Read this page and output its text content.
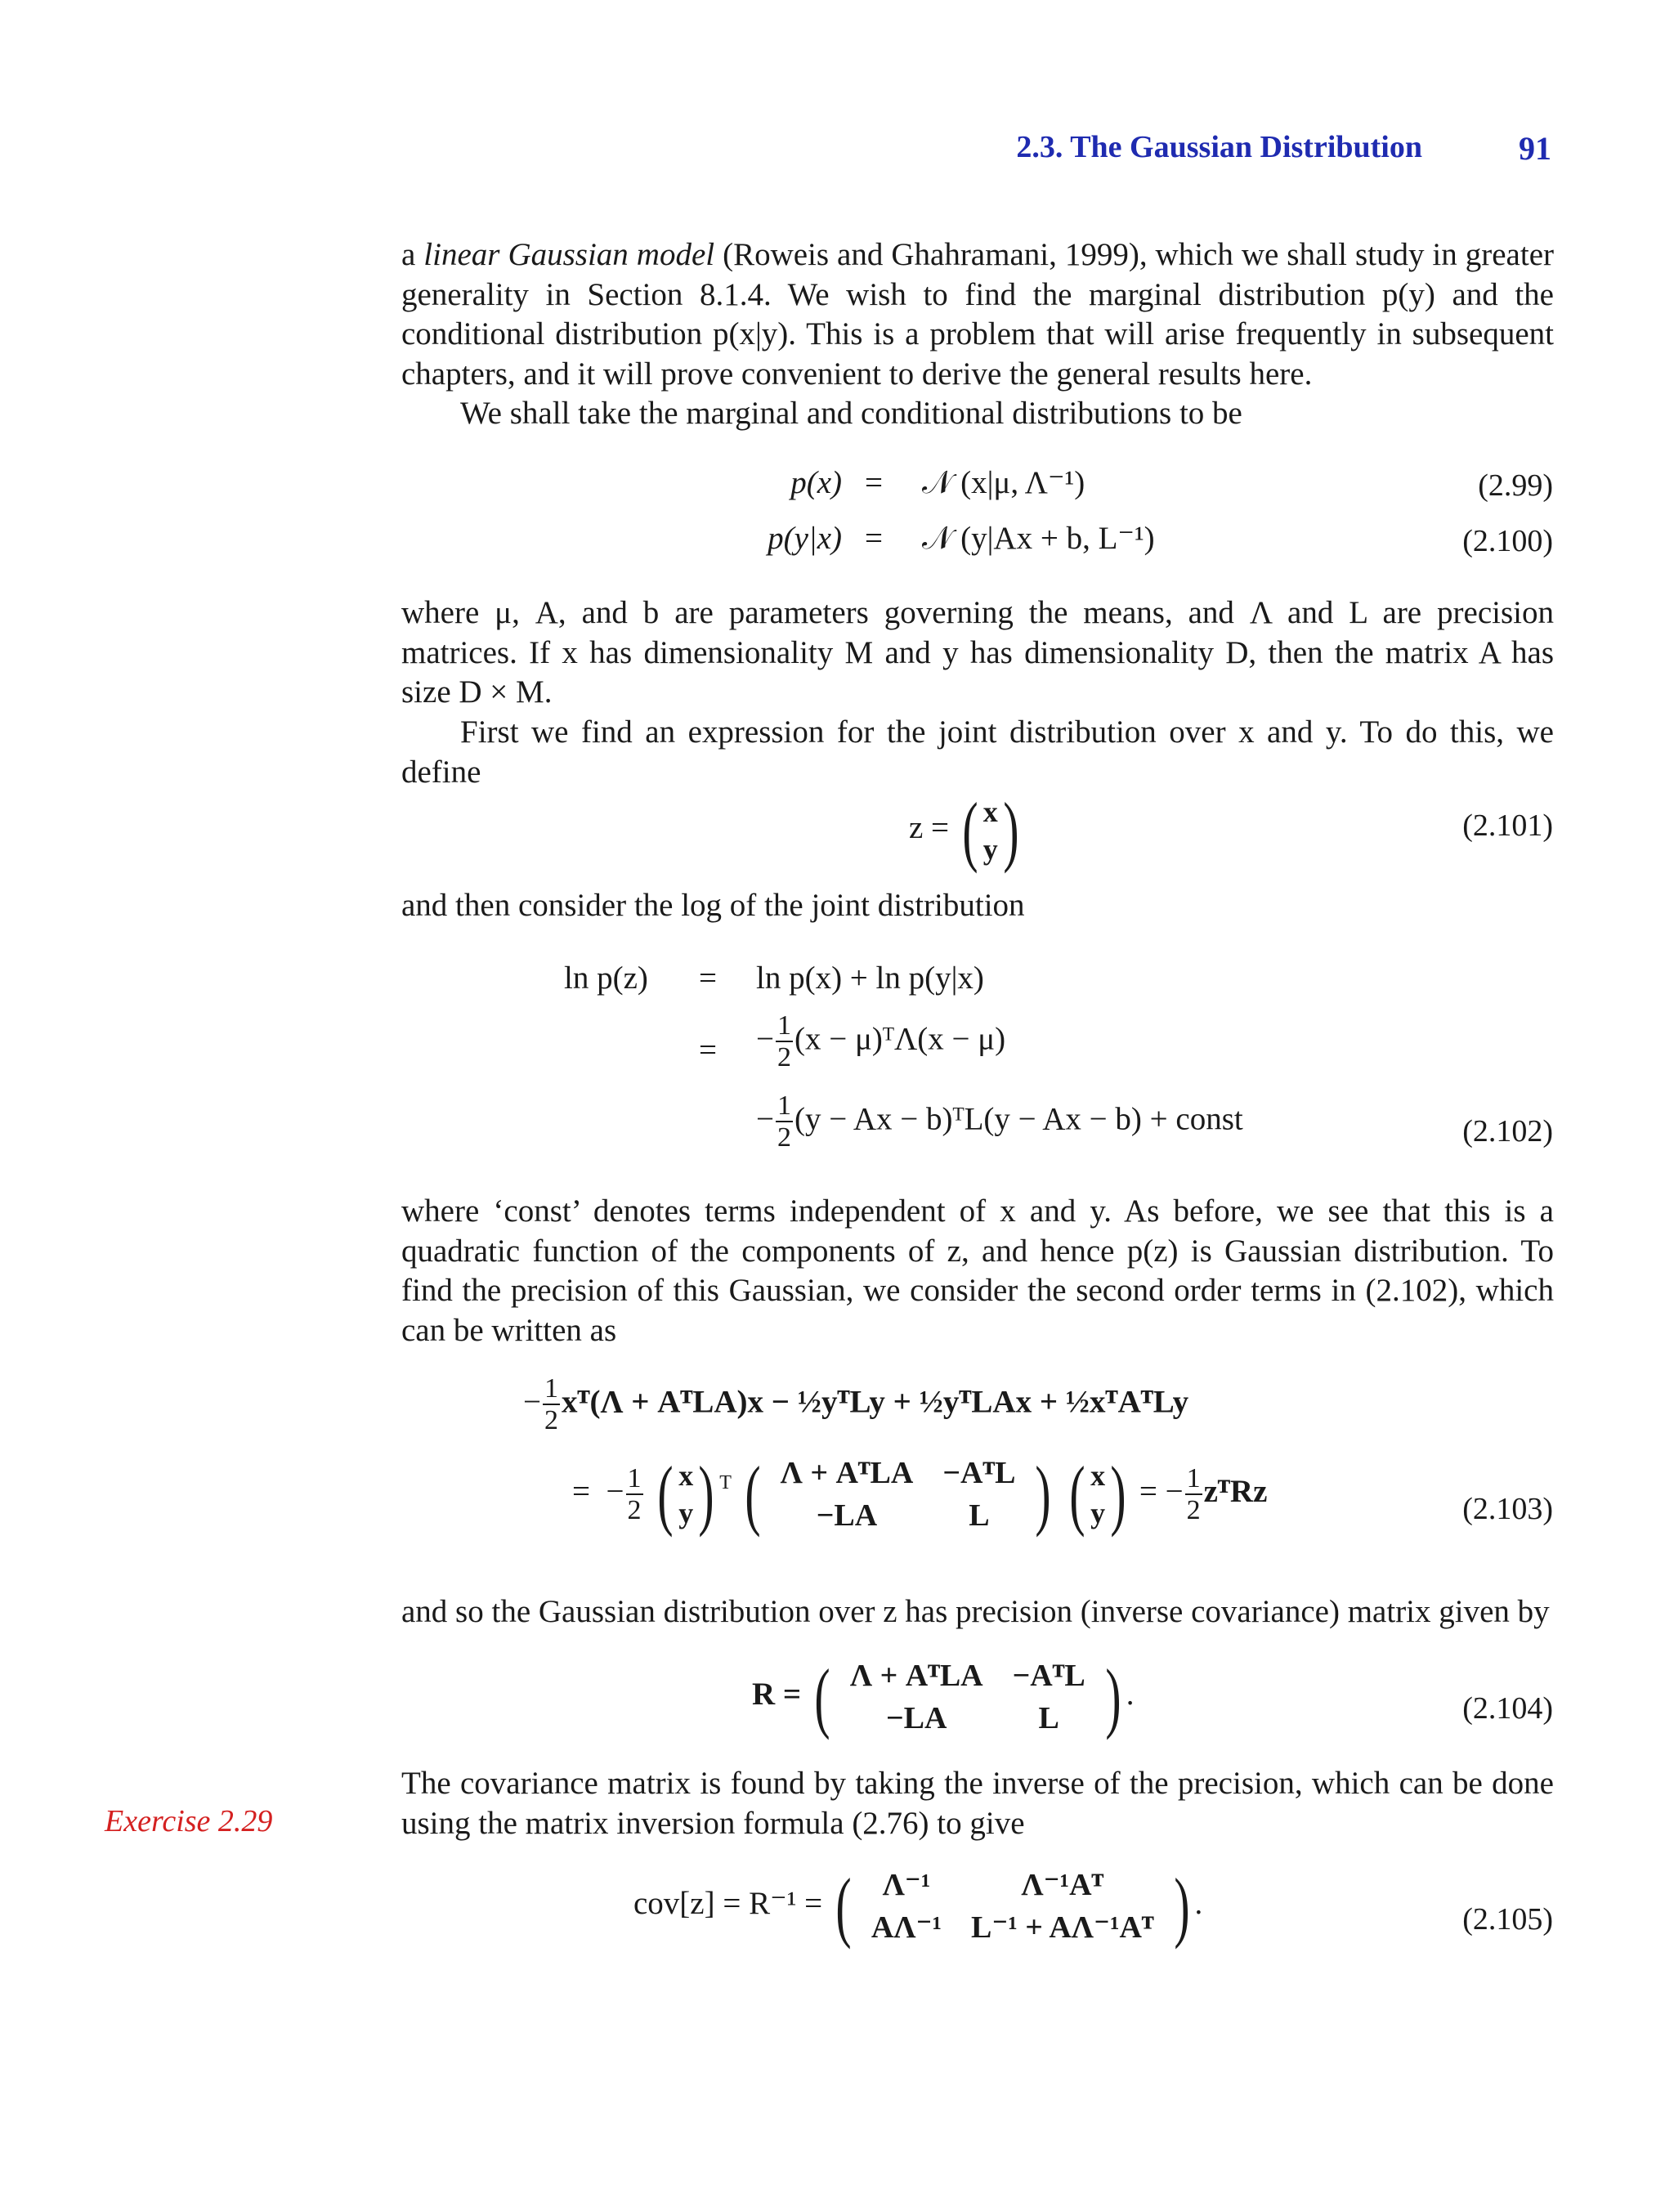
2.3. The Gaussian Distribution	91

a linear Gaussian model (Roweis and Ghahramani, 1999), which we shall study in greater generality in Section 8.1.4. We wish to find the marginal distribution p(y) and the conditional distribution p(x|y). This is a problem that will arise frequently in subsequent chapters, and it will prove convenient to derive the general results here.

We shall take the marginal and conditional distributions to be

p(x) = 𝒩 (x|μ, Λ⁻¹)	(2.99)
p(y|x) = 𝒩 (y|Ax + b, L⁻¹)	(2.100)

where μ, A, and b are parameters governing the means, and Λ and L are precision matrices. If x has dimensionality M and y has dimensionality D, then the matrix A has size D × M.

First we find an expression for the joint distribution over x and y. To do this, we define

z = ( x
y)	(2.101)

and then consider the log of the joint distribution

ln p(z) = ln p(x) + ln p(y|x)
= − $\frac{1}{2} (x$ − μ)ᵀΛ(x − μ)
− $\frac{1}{2} (y - Ax$ − b)ᵀL(y − Ax − b) + const	(2.102)

where ‘const’ denotes terms independent of x and y. As before, we see that this is a quadratic function of the components of z, and hence p(z) is Gaussian distribution. To find the precision of this Gaussian, we consider the second order terms in (2.102), which can be written as

− $\frac{1}{2}$ xᵀ(Λ + AᵀLA)x − ½yᵀLy + ½yᵀLAx + ½xᵀAᵀLy
=  − $\frac{1}{2}$ ( x
y) $^T$ ( Λ + AᵀLA	−AᵀL
−LA	L ) ( x
y) = − $\frac{1}{2}$ zᵀRz
(2.103)

and so the Gaussian distribution over z has precision (inverse covariance) matrix given by

R = ( Λ + AᵀLA	−AᵀL
−LA	L ) .	(2.104)
Exercise 2.29

The covariance matrix is found by taking the inverse of the precision, which can be done using the matrix inversion formula (2.76) to give

cov[z] = R⁻¹ = ( Λ⁻¹	Λ⁻¹Aᵀ
AΛ⁻¹	L⁻¹ + AΛ⁻¹Aᵀ ) .	(2.105)
